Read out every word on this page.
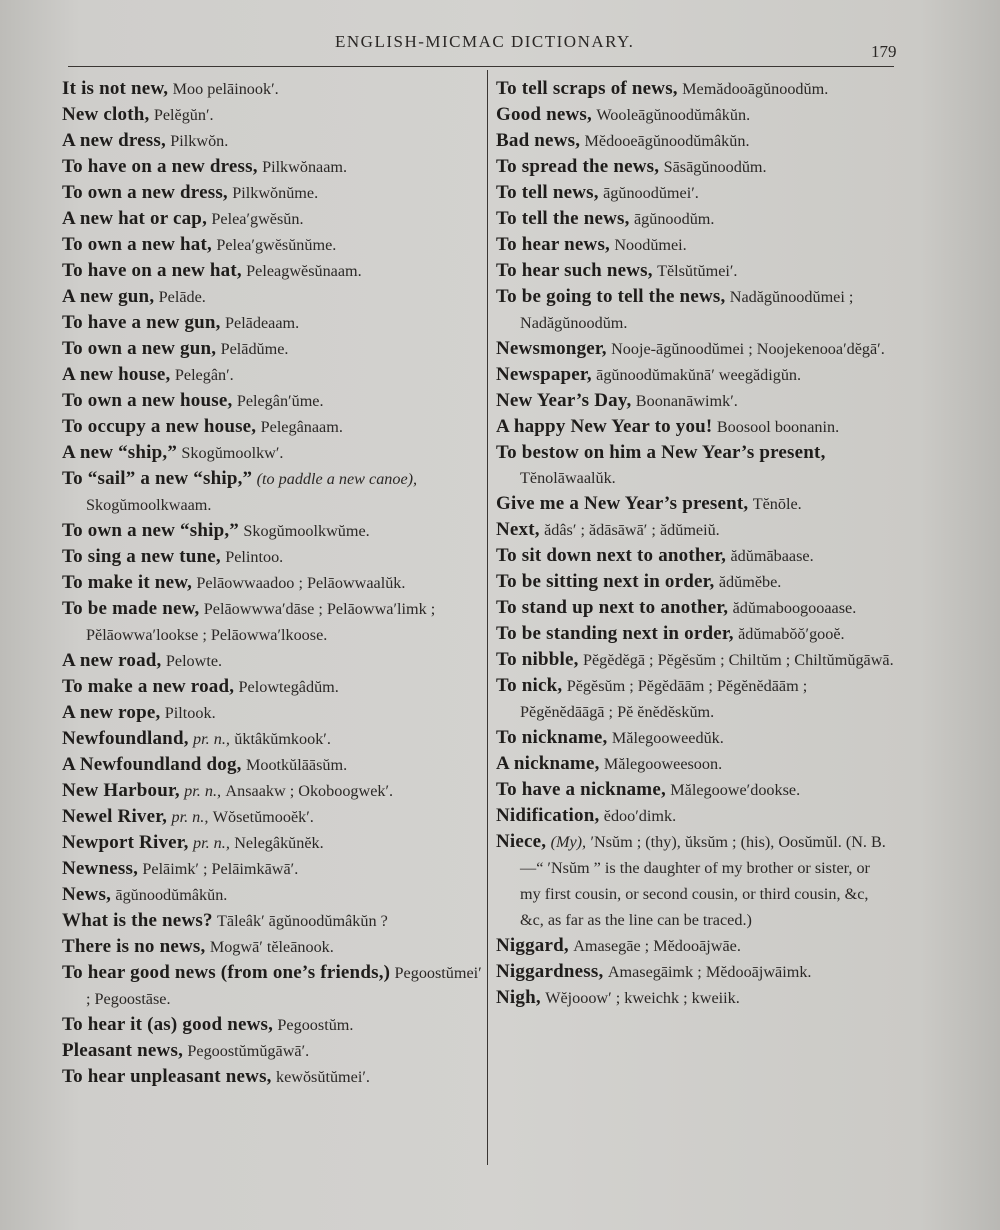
ENGLISH-MICMAC DICTIONARY.
179

It is not new, Moo pelāinook′.

New cloth, Pelĕgŭn′.

A new dress, Pilkwŏn.

To have on a new dress, Pilkwŏnaam.

To own a new dress, Pilkwŏnŭme.

A new hat or cap, Pelea′gwĕsŭn.

To own a new hat, Pelea′gwĕsŭnŭme.

To have on a new hat, Peleagwĕsŭnaam.

A new gun, Pelāde.

To have a new gun, Pelādeaam.

To own a new gun, Pelādŭme.

A new house, Pelegân′.

To own a new house, Pelegân′ŭme.

To occupy a new house, Pelegânaam.

A new “ship,” Skogŭmoolkw′.

To “sail” a new “ship,” (to paddle a new canoe), Skogŭmoolkwaam.

To own a new “ship,” Skogŭmoolkwŭme.

To sing a new tune, Pelintoo.

To make it new, Pelāowwaadoo ; Pelāowwaalŭk.

To be made new, Pelāowwwa′dāse ; Pelāowwa′limk ; Pĕlāowwa′lookse ; Pelāowwa′lkoose.

A new road, Pelowte.

To make a new road, Pelowtegâdŭm.

A new rope, Piltook.

Newfoundland, pr. n., ŭktâkŭmkook′.

A Newfoundland dog, Mootkŭlāāsŭm.

New Harbour, pr. n., Ansaakw ; Okoboogwek′.

Newel River, pr. n., Wŏsetŭmooĕk′.

Newport River, pr. n., Nelegâkŭnĕk.

Newness, Pelāimk′ ; Pelāimkāwā′.

News, āgŭnoodŭmâkŭn.

What is the news? Tāleâk′ āgŭnoodŭmâkŭn ?

There is no news, Mogwā′ tĕleānook.

To hear good news (from one’s friends,) Pegoostŭmei′ ; Pegoostāse.

To hear it (as) good news, Pegoostŭm.

Pleasant news, Pegoostŭmŭgāwā′.

To hear unpleasant news, kewŏsŭtŭmei′.

To tell scraps of news, Memădooāgŭnoodŭm.

Good news, Wooleāgŭnoodŭmâkŭn.

Bad news, Mĕdooeāgŭnoodŭmâkŭn.

To spread the news, Sāsāgŭnoodŭm.

To tell news, āgŭnoodŭmei′.

To tell the news, āgŭnoodŭm.

To hear news, Noodŭmei.

To hear such news, Tĕlsŭtŭmei′.

To be going to tell the news, Nadăgŭnoodŭmei ; Nadăgŭnoodŭm.

Newsmonger, Nooje-āgŭnoodŭmei ; Noojekenooa′dĕgā′.

Newspaper, āgŭnoodŭmakŭnā′ weegădigŭn.

New Year’s Day, Boonanāwimk′.

A happy New Year to you! Boosool boonanin.

To bestow on him a New Year’s present, Tĕnolāwaalŭk.

Give me a New Year’s present, Tĕnōle.

Next, ădâs′ ; ădāsāwā′ ; ădŭmeiŭ.

To sit down next to another, ădŭmābaase.

To be sitting next in order, ădŭmĕbe.

To stand up next to another, ădŭmaboogooaase.

To be standing next in order, ădŭmabŏŏ′gooĕ.

To nibble, Pĕgĕdĕgā ; Pĕgĕsŭm ; Chiltŭm ; Chiltŭmŭgāwā.

To nick, Pĕgĕsŭm ; Pĕgĕdāām ; Pĕgĕnĕdāām ; Pĕgĕnĕdāāgā ; Pĕ ĕnĕdĕskŭm.

To nickname, Mălegooweedŭk.

A nickname, Mălegooweesoon.

To have a nickname, Mălegoowe′dookse.

Nidification, ĕdoo′dimk.

Niece, (My), ′Nsŭm ; (thy), ŭksŭm ; (his), Oosŭmŭl. (N. B.—“ ′Nsŭm ” is the daughter of my brother or sister, or my first cousin, or second cousin, or third cousin, &c, &c, as far as the line can be traced.)

Niggard, Amasegāe ; Mĕdooājwāe.

Niggardness, Amasegāimk ; Mĕdooājwāimk.

Nigh, Wĕjooow′ ; kweichk ; kweiik.
